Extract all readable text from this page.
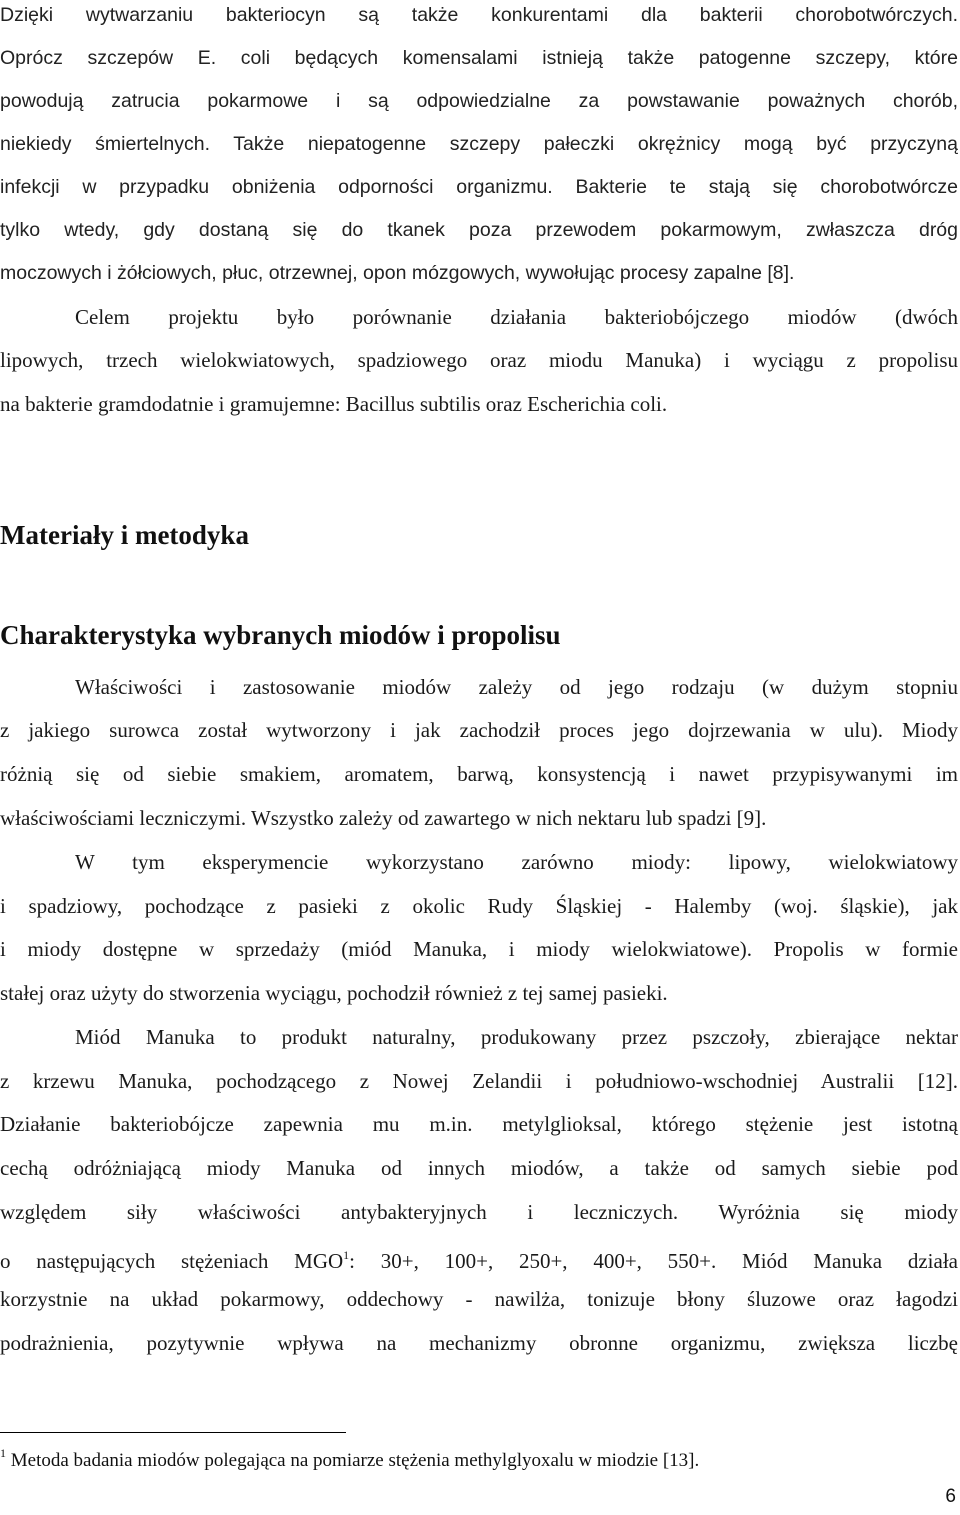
Dzięki wytwarzaniu bakteriocyn są także konkurentami dla bakterii chorobotwórczych.

Oprócz szczepów E. coli będących komensalami istnieją także patogenne szczepy, które

powodują zatrucia pokarmowe i są odpowiedzialne za powstawanie poważnych chorób,

niekiedy śmiertelnych. Także niepatogenne szczepy pałeczki okrężnicy mogą być przyczyną

infekcji w przypadku obniżenia odporności organizmu. Bakterie te stają się chorobotwórcze

tylko wtedy, gdy dostaną się do tkanek poza przewodem pokarmowym, zwłaszcza dróg

moczowych i żółciowych, płuc, otrzewnej, opon mózgowych, wywołując procesy zapalne [8].

Celem projektu było porównanie działania bakteriobójczego miodów (dwóch

lipowych, trzech wielokwiatowych, spadziowego oraz miodu Manuka) i wyciągu z propolisu

na bakterie gramdodatnie i gramujemne: Bacillus subtilis oraz Escherichia coli.

Materiały i metodyka
Charakterystyka wybranych miodów i propolisu

Właściwości i zastosowanie miodów zależy od jego rodzaju (w dużym stopniu

z jakiego surowca został wytworzony i jak zachodził proces jego dojrzewania w ulu). Miody

różnią się od siebie smakiem, aromatem, barwą, konsystencją i nawet przypisywanymi im

właściwościami leczniczymi. Wszystko zależy od zawartego w nich nektaru lub spadzi [9].

W tym eksperymencie wykorzystano zarówno miody: lipowy, wielokwiatowy

i spadziowy, pochodzące z pasieki z okolic Rudy Śląskiej - Halemby (woj. śląskie), jak

i miody dostępne w sprzedaży (miód Manuka, i miody wielokwiatowe). Propolis w formie

stałej oraz użyty do stworzenia wyciągu, pochodził również z tej samej pasieki.

Miód Manuka to produkt naturalny, produkowany przez pszczoły, zbierające nektar

z krzewu Manuka, pochodzącego z Nowej Zelandii i południowo-wschodniej Australii [12].

Działanie bakteriobójcze zapewnia mu m.in. metylglioksal, którego stężenie jest istotną

cechą odróżniającą miody Manuka od innych miodów, a także od samych siebie pod

względem siły właściwości antybakteryjnych i leczniczych. Wyróżnia się miody

o następujących stężeniach MGO$^1$: 30+, 100+, 250+, 400+, 550+. Miód Manuka działa

korzystnie na układ pokarmowy, oddechowy - nawilża, tonizuje błony śluzowe oraz łagodzi

podrażnienia, pozytywnie wpływa na mechanizmy obronne organizmu, zwiększa liczbę

$^1$ Metoda badania miodów polegająca na pomiarze stężenia methylglyoxalu w miodzie [13].
6
